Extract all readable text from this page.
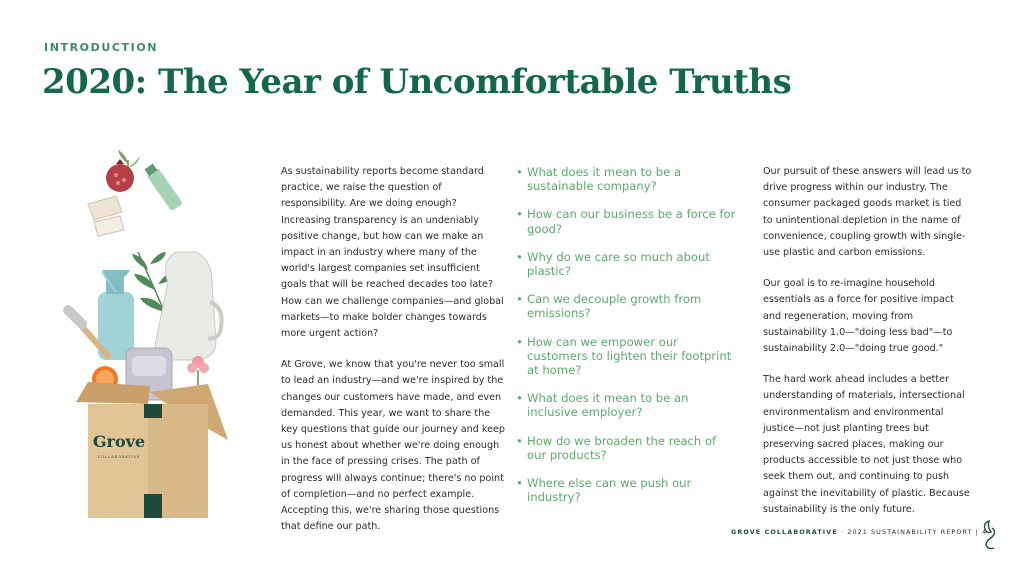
INTRODUCTION
2020: The Year of Uncomfortable Truths
Grove
COLLABORATIVE

As sustainability reports become standard practice, we raise the question of responsibility. Are we doing enough? Increasing transparency is an undeniably positive change, but how can we make an impact in an industry where many of the world's largest companies set insufficient goals that will be reached decades too late? How can we challenge companies—and global markets—to make bolder changes towards more urgent action?

At Grove, we know that you're never too small to lead an industry—and we're inspired by the changes our customers have made, and even demanded. This year, we want to share the key questions that guide our journey and keep us honest about whether we're doing enough in the face of pressing crises. The path of progress will always continue; there's no point of completion—and no perfect example. Accepting this, we're sharing those questions that define our path.

• What does it mean to be a sustainable company?
• How can our business be a force for good?
• Why do we care so much about plastic?
• Can we decouple growth from emissions?
• How can we empower our customers to lighten their footprint at home?
• What does it mean to be an inclusive employer?
• How do we broaden the reach of our products?
• Where else can we push our industry?

Our pursuit of these answers will lead us to drive progress within our industry. The consumer packaged goods market is tied to unintentional depletion in the name of convenience, coupling growth with single-use plastic and carbon emissions.

Our goal is to re-imagine household essentials as a force for positive impact and regeneration, moving from sustainability 1.0—"doing less bad"—to sustainability 2.0—"doing true good."

The hard work ahead includes a better understanding of materials, intersectional environmentalism and environmental justice—not just planting trees but preserving sacred places, making our products accessible to not just those who seek them out, and continuing to push against the inevitability of plastic. Because sustainability is the only future.

GROVE COLLABORATIVE · 2021 SUSTAINABILITY REPORT | 4
